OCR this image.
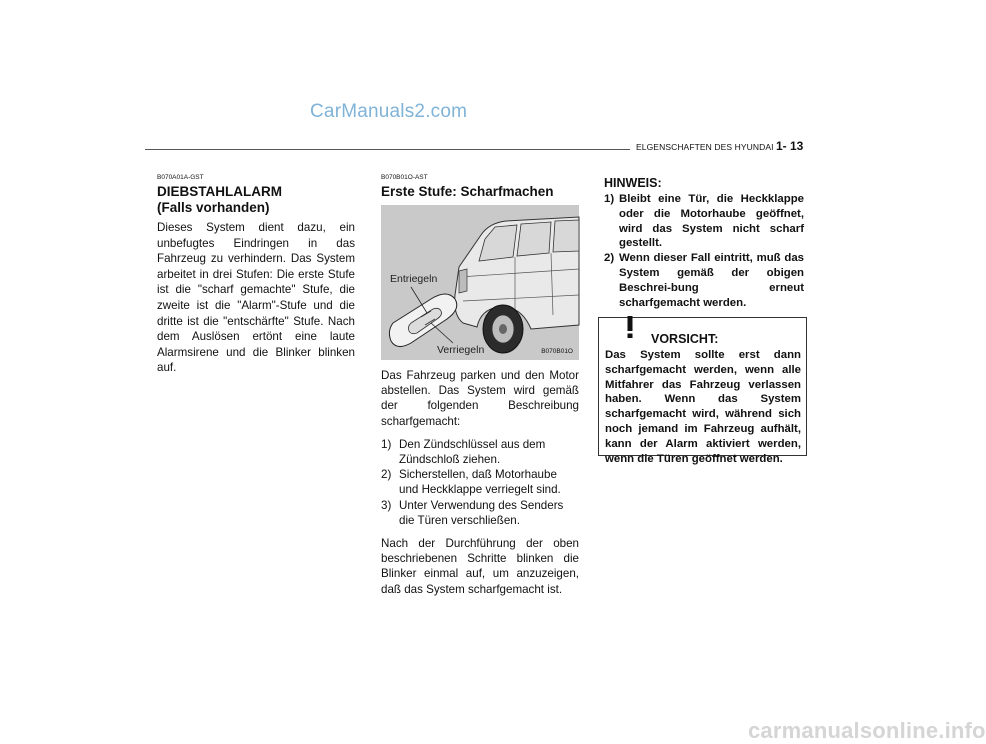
CarManuals2.com
ELGENSCHAFTEN DES HYUNDAI 1- 13
B070A01A-GST
DIEBSTAHLALARM
(Falls vorhanden)
Dieses System dient dazu, ein unbefugtes Eindringen in das Fahrzeug zu verhindern. Das System arbeitet in drei Stufen: Die erste Stufe ist die "scharf gemachte" Stufe, die zweite ist die "Alarm"-Stufe und die dritte ist die "entschärfte" Stufe. Nach dem Auslösen ertönt eine laute Alarmsirene und die Blinker blinken auf.
B070B01O-AST
Erste Stufe: Scharfmachen
Entriegeln
Verriegeln	B070B01O
Das Fahrzeug parken und den Motor abstellen. Das System wird gemäß der folgenden Beschreibung scharfgemacht:
1) Den Zündschlüssel aus dem Zündschloß ziehen.
2) Sicherstellen, daß Motorhaube und Heckklappe verriegelt sind.
3) Unter Verwendung des Senders die Türen verschließen.
Nach der Durchführung der oben beschriebenen Schritte blinken die Blinker einmal auf, um anzuzeigen, daß das System scharfgemacht ist.
HINWEIS:
1) Bleibt eine Tür, die Heckklappe oder die Motorhaube geöffnet, wird das System nicht scharf gestellt.
2) Wenn dieser Fall eintritt, muß das System gemäß der obigen Beschrei-bung erneut scharfgemacht werden.
VORSICHT:
Das System sollte erst dann scharfgemacht werden, wenn alle Mitfahrer das Fahrzeug verlassen haben. Wenn das System scharfgemacht wird, während sich noch jemand im Fahrzeug aufhält, kann der Alarm aktiviert werden, wenn die Türen geöffnet werden.
carmanualsonline.info
